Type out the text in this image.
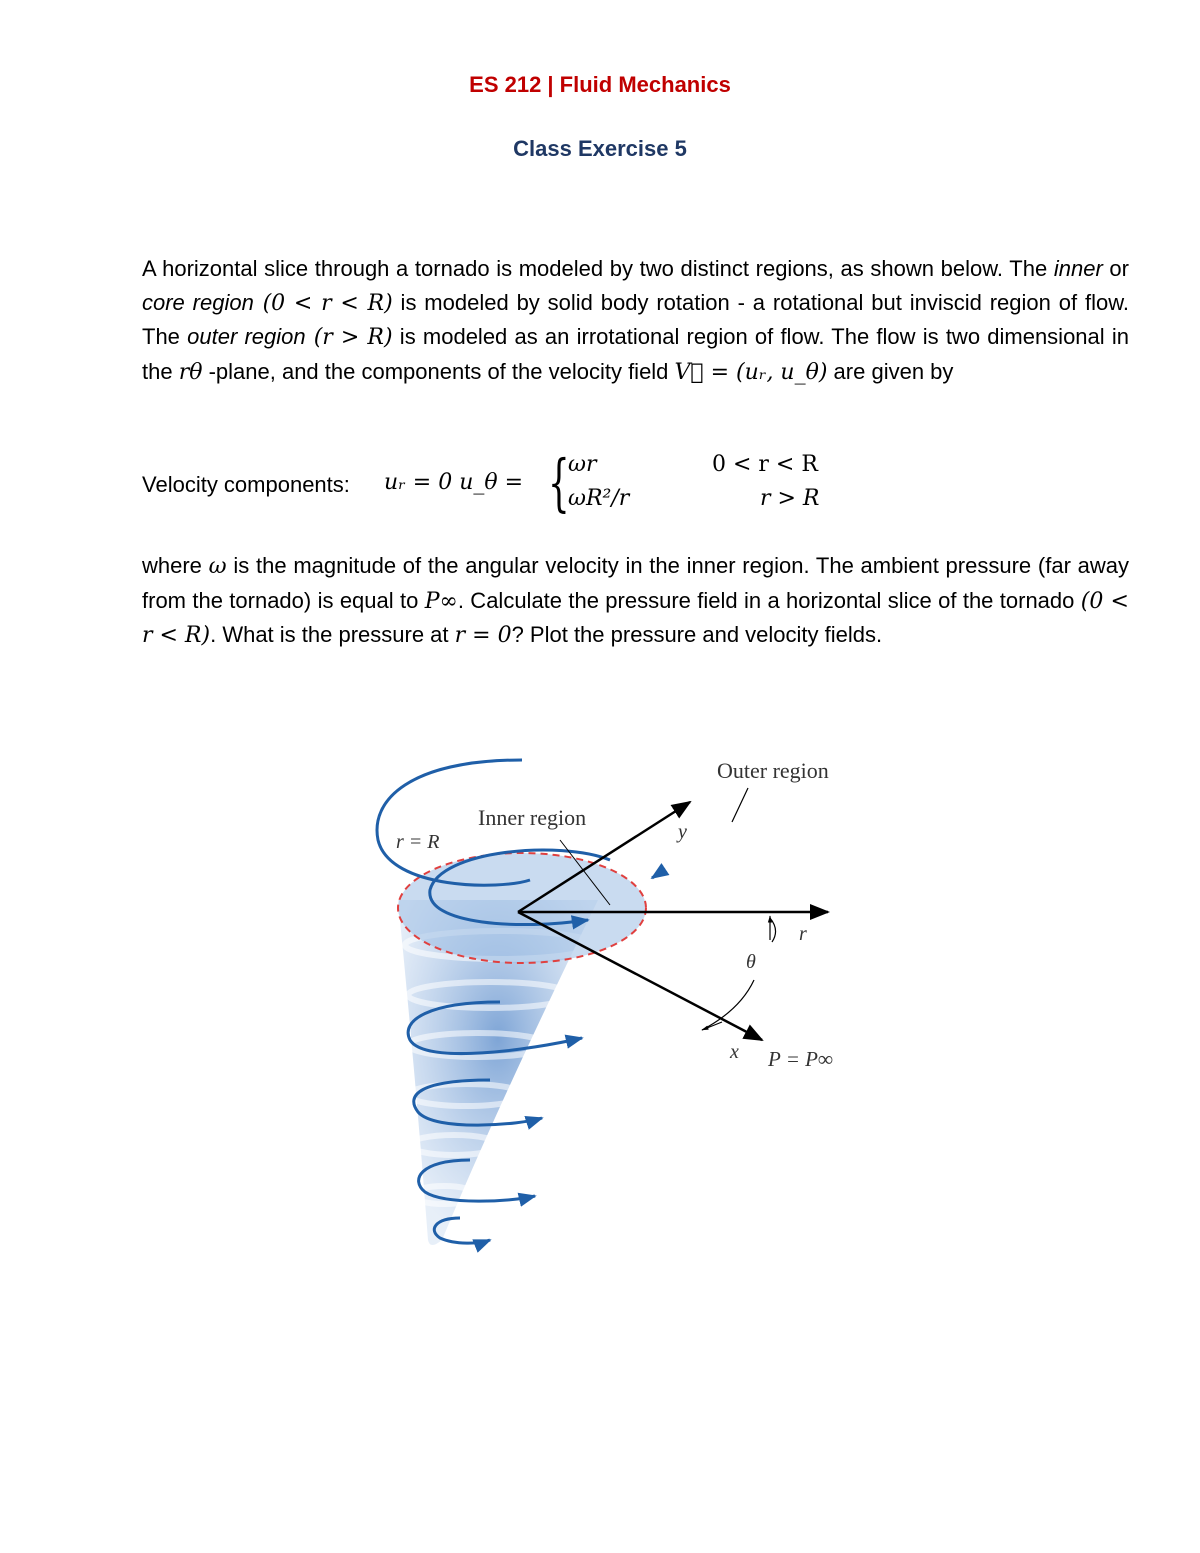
ES 212 | Fluid Mechanics
Class Exercise 5

A horizontal slice through a tornado is modeled by two distinct regions, as shown below. The inner or core region (0 < r < R) is modeled by solid body rotation - a rotational but inviscid region of flow. The outer region (r > R) is modeled as an irrotational region of flow. The flow is two dimensional in the rθ -plane, and the components of the velocity field V⃗ = (uᵣ, u_θ) are given by

Velocity components: uᵣ = 0 u_θ = {
ωr
ωR²/r
0 < r < R
r > R

where ω is the magnitude of the angular velocity in the inner region. The ambient pressure (far away from the tornado) is equal to P∞. Calculate the pressure field in a horizontal slice of the tornado (0 < r < R). What is the pressure at r = 0? Plot the pressure and velocity fields.

Outer region
Inner region
r = R	y
r
θ
x P = P∞
